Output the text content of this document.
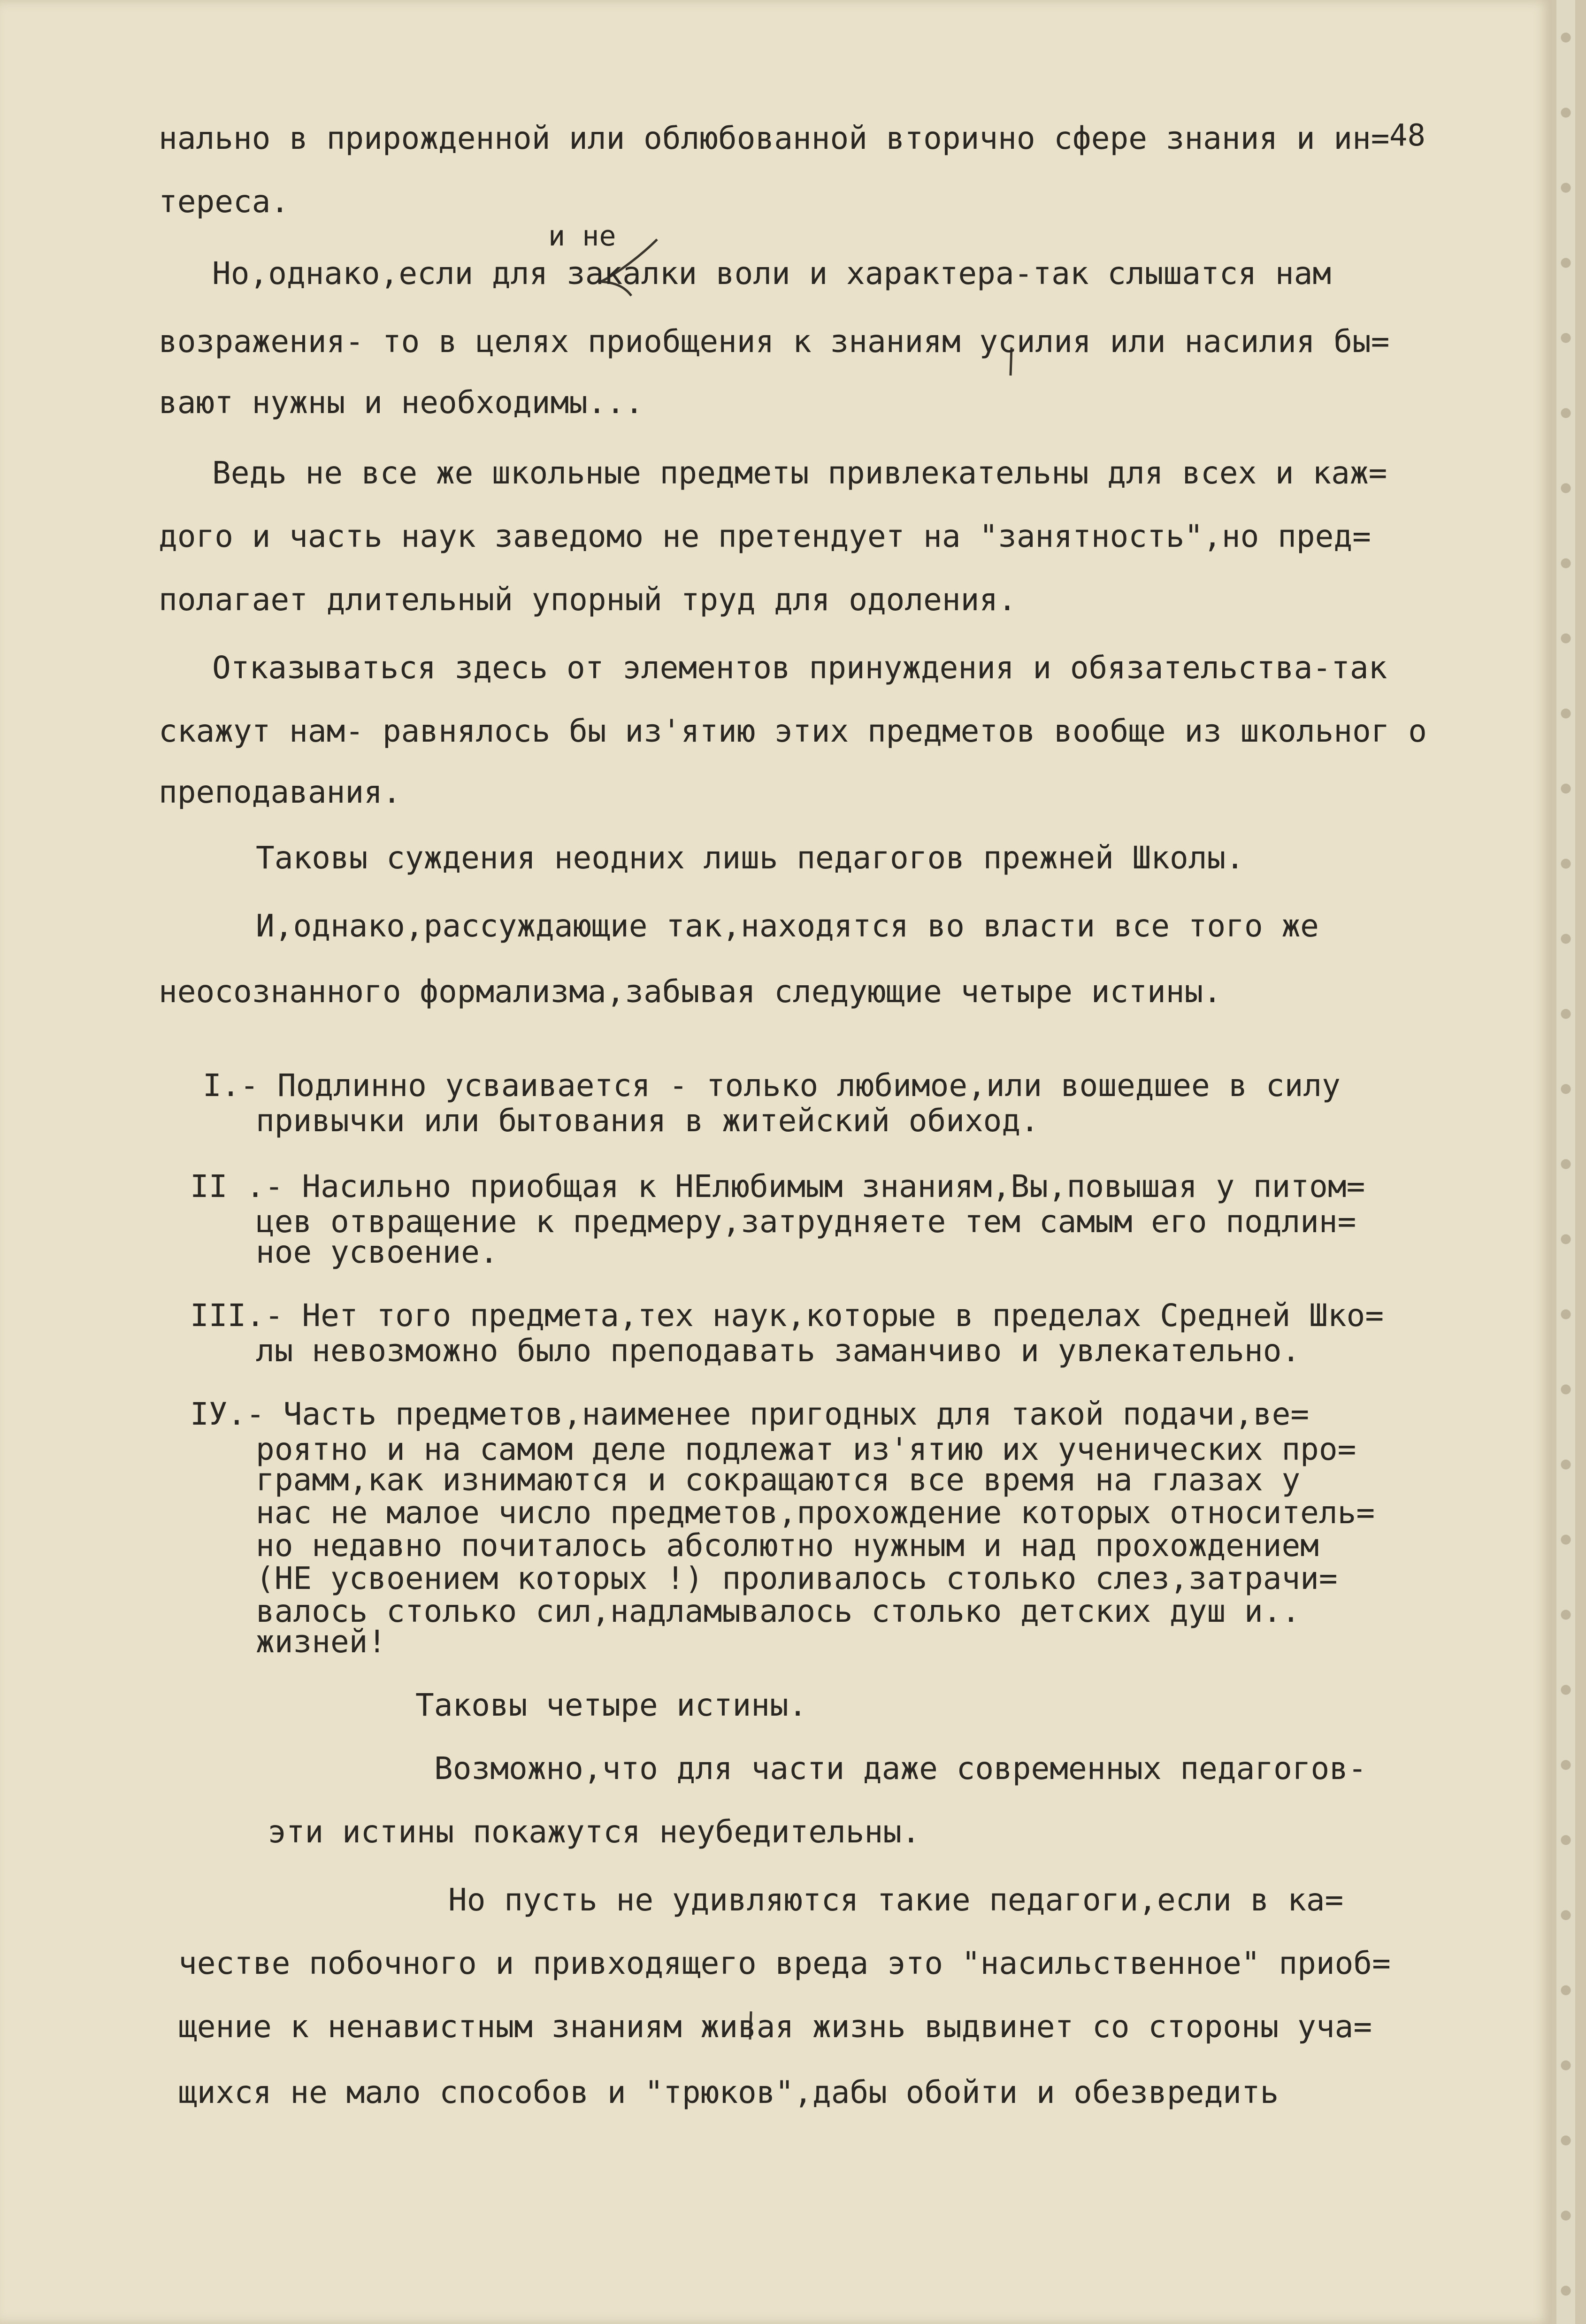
48
и не
нально в прирожденной или облюбованной вторично сфере знания и ин=
тереса.
Но,однако,если для закалки воли и характера-так слышатся нам
возражения- то в целях приобщения к знаниям усилия или насилия бы=
вают нужны и необходимы...
Ведь не все же школьные предметы привлекательны для всех и каж=
дого и часть наук заведомо не претендует на "занятность",но пред=
полагает длительный упорный труд для одоления.
Отказываться здесь от элементов принуждения и обязательства-так
скажут нам- равнялось бы из'ятию этих предметов вообще из школьног о
преподавания.
Таковы суждения неодних лишь педагогов прежней Школы.
И,однако,рассуждающие так,находятся во власти все того же
неосознанного формализма,забывая следующие четыре истины.
I.- Подлинно усваивается - только любимое,или вошедшее в силу
привычки или бытования в житейский обиход.
II .- Насильно приобщая к НЕлюбимым знаниям,Вы,повышая у питом=
цев отвращение к предмеру,затрудняете тем самым его подлин=
ное усвоение.
III.- Нет того предмета,тех наук,которые в пределах Средней Шко=
лы невозможно было преподавать заманчиво и увлекательно.
IУ.- Часть предметов,наименее пригодных для такой подачи,ве=
роятно и на самом деле подлежат из'ятию их ученических про=
грамм,как изнимаются и сокращаются все время на глазах у
нас не малое число предметов,прохождение которых относитель=
но недавно почиталось абсолютно нужным и над прохождением
(НЕ усвоением которых !) проливалось столько слез,затрачи=
валось столько сил,надламывалось столько детских душ и..
жизней!
Таковы четыре истины.
Возможно,что для части даже современных педагогов-
эти истины покажутся неубедительны.
Но пусть не удивляются такие педагоги,если в ка=
честве побочного и привходящего вреда это "насильственное" приоб=
щение к ненавистным знаниям живая жизнь выдвинет со стороны уча=
щихся не мало способов и "трюков",дабы обойти и обезвредить
